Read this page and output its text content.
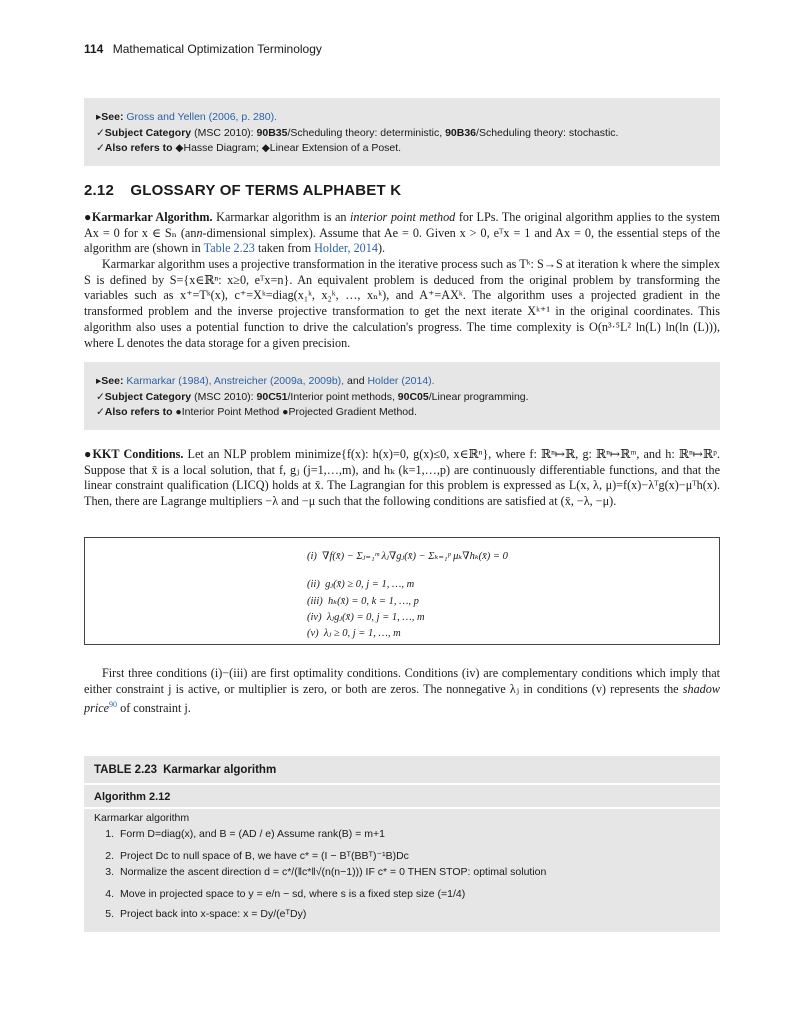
114 Mathematical Optimization Terminology
▸See: Gross and Yellen (2006, p. 280).
✓Subject Category (MSC 2010): 90B35/Scheduling theory: deterministic, 90B36/Scheduling theory: stochastic.
✓Also refers to ◆Hasse Diagram; ◆Linear Extension of a Poset.
2.12 GLOSSARY OF TERMS ALPHABET K
●Karmarkar Algorithm. Karmarkar algorithm is an interior point method for LPs. The original algorithm applies to the system Ax = 0 for x ∈ Sₙ (ann-dimensional simplex). Assume that Ae = 0. Given x > 0, eᵀx = 1 and Ax = 0, the essential steps of the algorithm are (shown in Table 2.23 taken from Holder, 2014).
Karmarkar algorithm uses a projective transformation in the iterative process such as Tᵏ: S→S at iteration k where the simplex S is defined by S={x∈ℝⁿ: x≥0, eᵀx=n}. An equivalent problem is deduced from the original problem by transforming the variables such as x⁺=Tᵏ(x), c⁺=Xᵏ=diag(x₁ᵏ, x₂ᵏ, …, xₙᵏ), and A⁺=AXᵏ. The algorithm uses a projected gradient in the transformed problem and the inverse projective transformation to get the next iterate Xᵏ⁺¹ in the original coordinates. This algorithm also uses a potential function to drive the calculation's progress. The time complexity is O(n³·⁵L² ln(L) ln(ln (L))), where L denotes the data storage for a given precision.
▸See: Karmarkar (1984), Anstreicher (2009a, 2009b), and Holder (2014).
✓Subject Category (MSC 2010): 90C51/Interior point methods, 90C05/Linear programming.
✓Also refers to ●Interior Point Method ●Projected Gradient Method.
●KKT Conditions. Let an NLP problem minimize{f(x): h(x)=0, g(x)≤0, x∈ℝⁿ}, where f: ℝⁿ↦ℝ, g: ℝⁿ↦ℝᵐ, and h: ℝⁿ↦ℝᵖ. Suppose that x̄ is a local solution, that f, gⱼ (j=1,…,m), and hₖ (k=1,…,p) are continuously differentiable functions, and that the linear constraint qualification (LICQ) holds at x̄. The Lagrangian for this problem is expressed as L(x, λ, μ)=f(x)−λᵀg(x)−μᵀh(x). Then, there are Lagrange multipliers −λ and −μ such that the following conditions are satisfied at (x̄, −λ, −μ).
(i) ∇f(x̄) − Σⱼ₌₁ᵐ λⱼ∇gⱼ(x̄) − Σₖ₌₁ᵖ μₖ∇hₖ(x̄) = 0
(ii) gⱼ(x̄) ≥ 0, j = 1, …, m
(iii) hₖ(x̄) = 0, k = 1, …, p
(iv) λⱼgⱼ(x̄) = 0, j = 1, …, m
(v) λⱼ ≥ 0, j = 1, …, m
First three conditions (i)−(iii) are first optimality conditions. Conditions (iv) are complementary conditions which imply that either constraint j is active, or multiplier is zero, or both are zeros. The nonnegative λⱼ in conditions (v) represents the shadow price$^{90}$ of constraint j.
TABLE 2.23 Karmarkar algorithm
Algorithm 2.12
Karmarkar algorithm
1. Form D=diag(x), and B = (AD / e) Assume rank(B) = m+1
2. Project Dc to null space of B, we have c* = (I − Bᵀ(BBᵀ)⁻¹B)Dc
3. Normalize the ascent direction d = c*/(‖c*‖√(n(n−1))) IF c* = 0 THEN STOP: optimal solution
4. Move in projected space to y = e/n − sd, where s is a fixed step size (=1/4)
5. Project back into x-space: x = Dy/(eᵀDy)
